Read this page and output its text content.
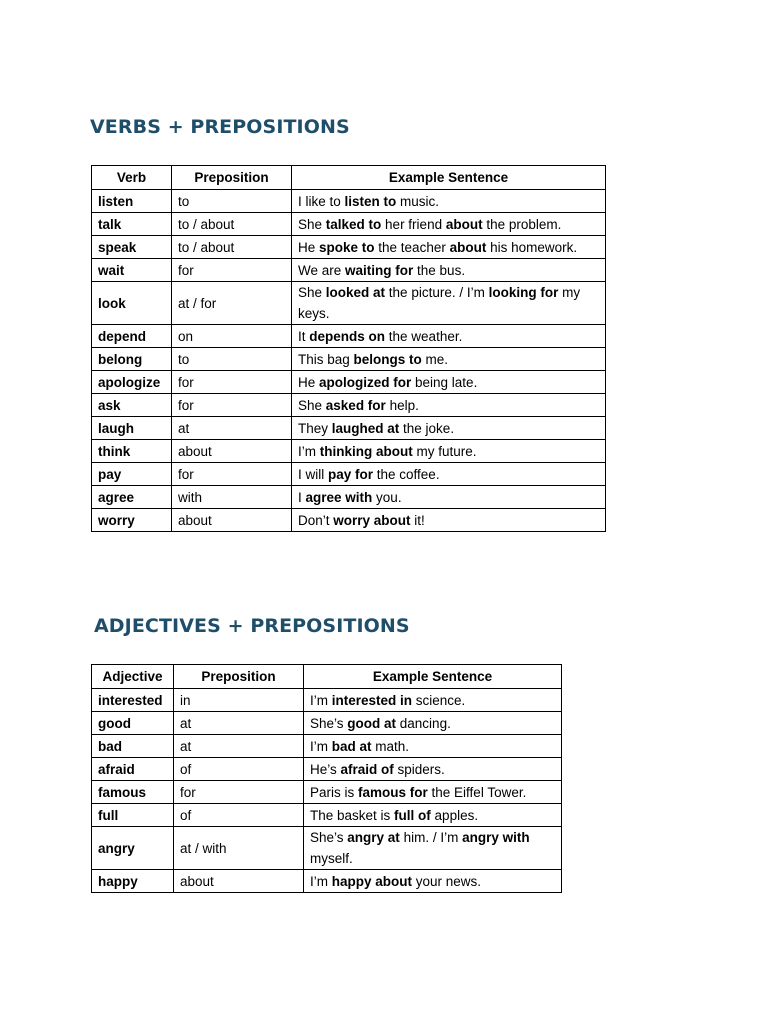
VERBS + PREPOSITIONS
Verb	Preposition	Example Sentence
listen	to	I like to listen to music.
talk	to / about	She talked to her friend about the problem.
speak	to / about	He spoke to the teacher about his homework.
wait	for	We are waiting for the bus.
look	at / for	She looked at the picture. / I’m looking for my keys.
depend	on	It depends on the weather.
belong	to	This bag belongs to me.
apologize	for	He apologized for being late.
ask	for	She asked for help.
laugh	at	They laughed at the joke.
think	about	I’m thinking about my future.
pay	for	I will pay for the coffee.
agree	with	I agree with you.
worry	about	Don’t worry about it!
ADJECTIVES + PREPOSITIONS
Adjective	Preposition	Example Sentence
interested	in	I’m interested in science.
good	at	She’s good at dancing.
bad	at	I’m bad at math.
afraid	of	He’s afraid of spiders.
famous	for	Paris is famous for the Eiffel Tower.
full	of	The basket is full of apples.
angry	at / with	She’s angry at him. / I’m angry with myself.
happy	about	I’m happy about your news.
